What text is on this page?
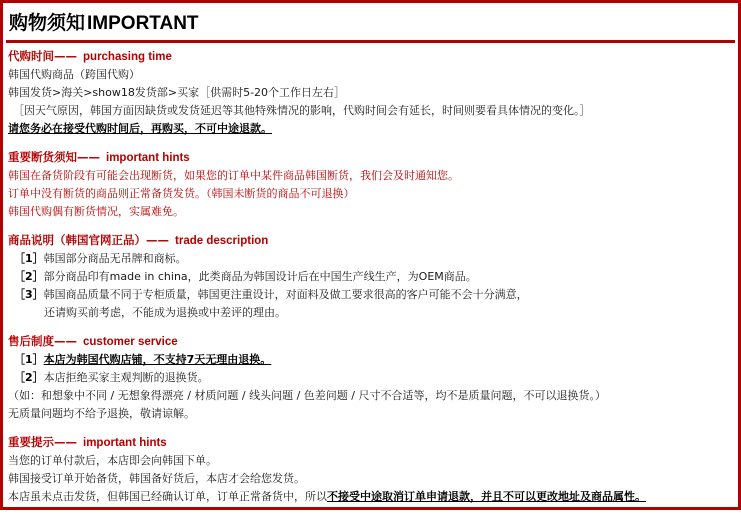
购物须知 IMPORTANT

代购时间—— purchasing time

韩国代购商品（跨国代购）

韩国发货>海关>show18发货部>买家［供需时5-20个工作日左右］

［因天气原因，韩国方面因缺货或发货延迟等其他特殊情况的影响，代购时间会有延长，时间则要看具体情况的变化。］

请您务必在接受代购时间后，再购买，不可中途退款。

重要断货须知—— important hints

韩国在备货阶段有可能会出现断货，如果您的订单中某件商品韩国断货，我们会及时通知您。

订单中没有断货的商品则正常备货发货。（韩国未断货的商品不可退换）

韩国代购偶有断货情况，实属难免。

商品说明（韩国官网正品）—— trade description

［1］韩国部分商品无吊牌和商标。

［2］部分商品印有made in china，此类商品为韩国设计后在中国生产线生产，为OEM商品。

［3］韩国商品质量不同于专柜质量，韩国更注重设计，对面料及做工要求很高的客户可能不会十分满意，

还请购买前考虑，不能成为退换或中差评的理由。

售后制度—— customer service

［1］本店为韩国代购店铺，不支持7天无理由退换。

［2］本店拒绝买家主观判断的退换货。

（如：和想象中不同 / 无想象得漂亮 / 材质问题 / 线头问题 / 色差问题 / 尺寸不合适等，均不是质量问题，不可以退换货。）

无质量问题均不给予退换，敬请谅解。

重要提示—— important hints

当您的订单付款后，本店即会向韩国下单。

韩国接受订单开始备货，韩国备好货后，本店才会给您发货。

本店虽未点击发货，但韩国已经确认订单，订单正常备货中，所以不接受中途取消订单申请退款，并且不可以更改地址及商品属性。
